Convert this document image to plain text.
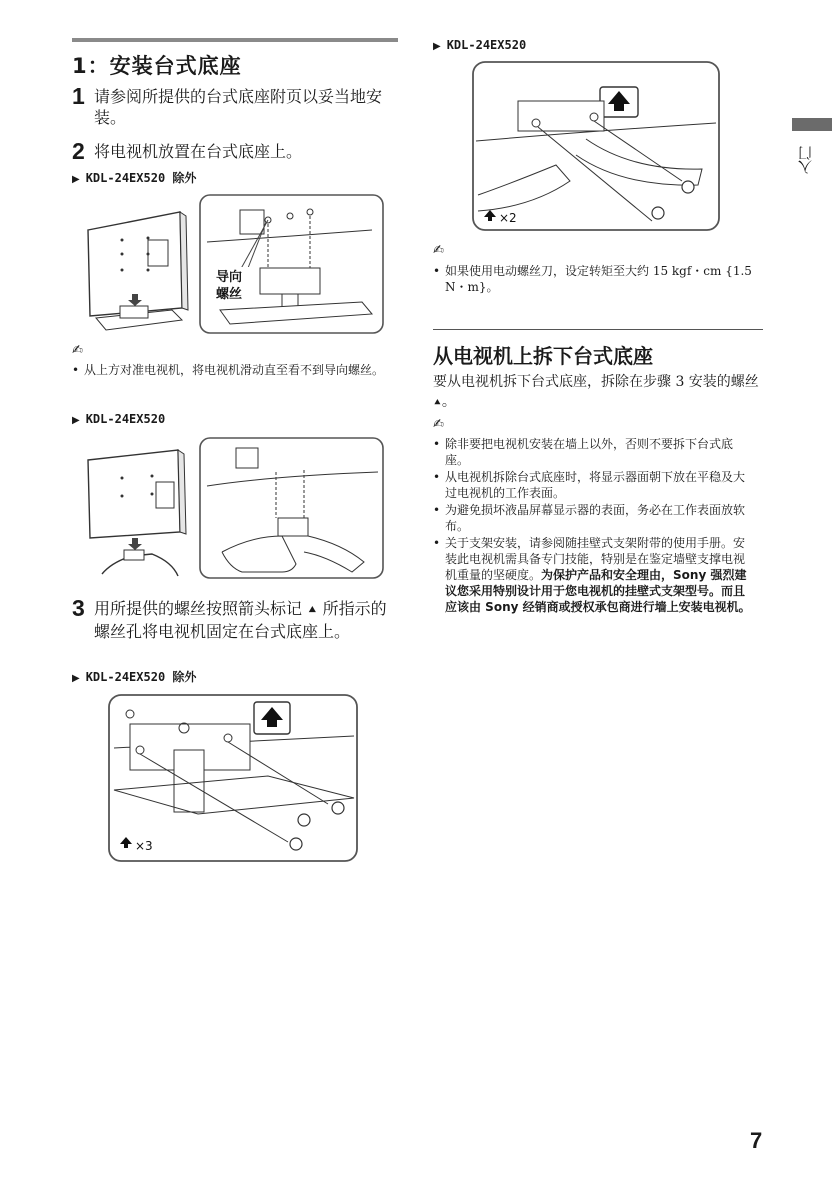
1：安装台式底座
1 请参阅所提供的台式底座附页以妥当地安装。
2 将电视机放置在台式底座上。
▶ KDL-24EX520 除外
导向
螺丝
✍
• 从上方对准电视机，将电视机滑动直至看不到导向螺丝。
▶ KDL-24EX520
3 用所提供的螺丝按照箭头标记 ⯅ 所指示的螺丝孔将电视机固定在台式底座上。
▶ KDL-24EX520 除外
×3
▶ KDL-24EX520
×2
✍
• 如果使用电动螺丝刀，设定转矩至大约 15 kgf・cm {1.5 N・m}。
从电视机上拆下台式底座
要从电视机拆下台式底座，拆除在步骤 3 安装的螺丝 ⯅。
✍
• 除非要把电视机安装在墙上以外，否则不要拆下台式底座。
• 从电视机拆除台式底座时，将显示器面朝下放在平稳及大过电视机的工作表面。
• 为避免损坏液晶屏幕显示器的表面，务必在工作表面放软布。
• 关于支架安装，请参阅随挂壁式支架附带的使用手册。安装此电视机需具备专门技能，特别是在鉴定墙壁支撑电视机重量的坚硬度。为保护产品和安全理由，Sony 强烈建议您采用特别设计用于您电视机的挂壁式支架型号。而且应该由 Sony 经销商或授权承包商进行墙上安装电视机。
入门
7
